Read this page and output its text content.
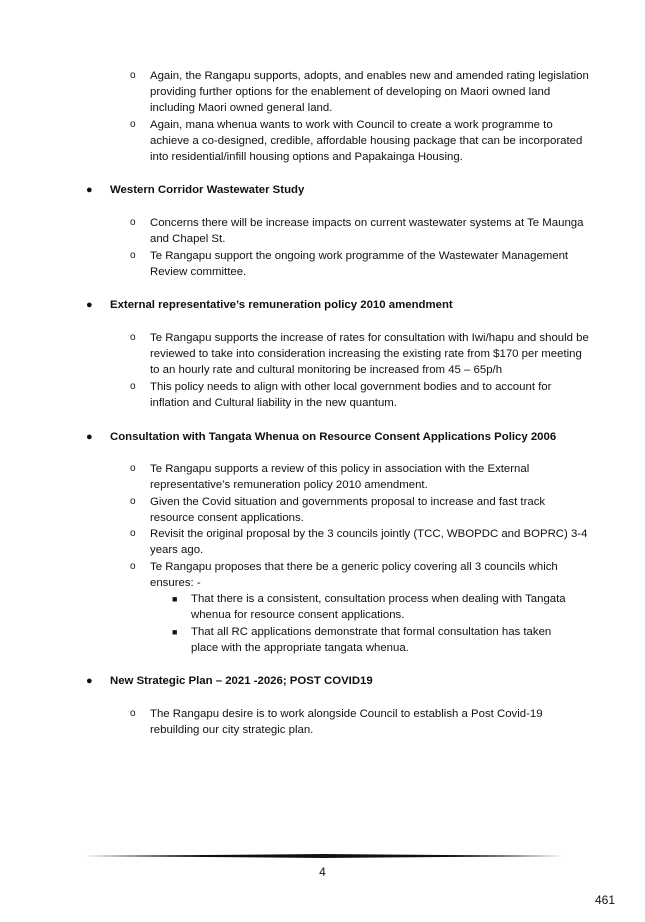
o Again, the Rangapu supports, adopts, and enables new and amended rating legislation providing further options for the enablement of developing on Maori owned land including Maori owned general land.
o Again, mana whenua wants to work with Council to create a work programme to achieve a co-designed, credible, affordable housing package that can be incorporated into residential/infill housing options and Papakainga Housing.
● Western Corridor Wastewater Study
o Concerns there will be increase impacts on current wastewater systems at Te Maunga and Chapel St.
o Te Rangapu support the ongoing work programme of the Wastewater Management Review committee.
● External representative’s remuneration policy 2010 amendment
o Te Rangapu supports the increase of rates for consultation with Iwi/hapu and should be reviewed to take into consideration increasing the existing rate from $170 per meeting to an hourly rate and cultural monitoring be increased from 45 – 65p/h
o This policy needs to align with other local government bodies and to account for inflation and Cultural liability in the new quantum.
● Consultation with Tangata Whenua on Resource Consent Applications Policy 2006
o Te Rangapu supports a review of this policy in association with the External representative’s remuneration policy 2010 amendment.
o Given the Covid situation and governments proposal to increase and fast track resource consent applications.
o Revisit the original proposal by the 3 councils jointly (TCC, WBOPDC and BOPRC) 3-4 years ago.
o Te Rangapu proposes that there be a generic policy covering all 3 councils which ensures: -
■ That there is a consistent, consultation process when dealing with Tangata whenua for resource consent applications.
■ That all RC applications demonstrate that formal consultation has taken place with the appropriate tangata whenua.
● New Strategic Plan – 2021 -2026; POST COVID19
o The Rangapu desire is to work alongside Council to establish a Post Covid-19 rebuilding our city strategic plan.
4
461
